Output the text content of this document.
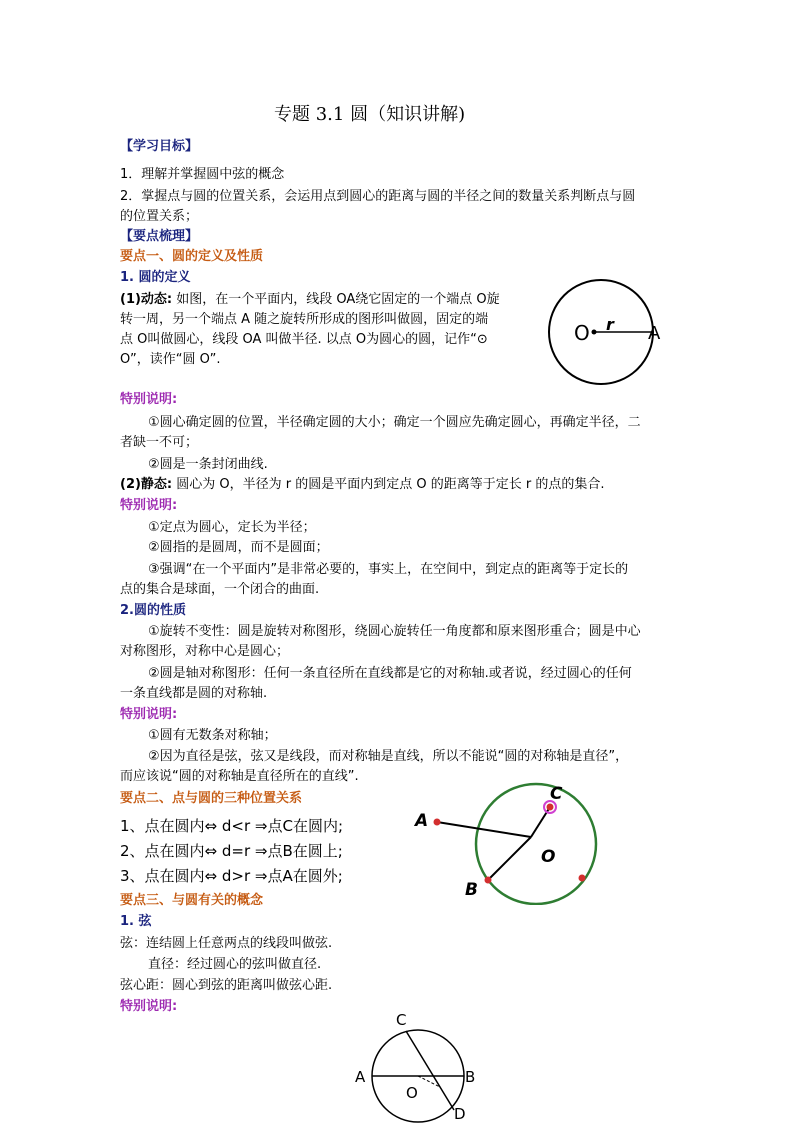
专题 3.1 圆（知识讲解)
【学习目标】
1．理解并掌握圆中弦的概念
2．掌握点与圆的位置关系，会运用点到圆心的距离与圆的半径之间的数量关系判断点与圆
的位置关系；
【要点梳理】
要点一、圆的定义及性质
1. 圆的定义
(1)动态: 如图，在一个平面内，线段 OA绕它固定的一个端点 O旋
转一周，另一个端点 A 随之旋转所形成的图形叫做圆，固定的端
点 O叫做圆心，线段 OA 叫做半径. 以点 O为圆心的圆，记作“⊙
O”，读作“圆 O”.
O r A
特别说明:
①圆心确定圆的位置，半径确定圆的大小；确定一个圆应先确定圆心，再确定半径，二
者缺一不可；
②圆是一条封闭曲线.
(2)静态: 圆心为 O，半径为 r 的圆是平面内到定点 O 的距离等于定长 r 的点的集合.
特别说明:
①定点为圆心，定长为半径；
②圆指的是圆周，而不是圆面；
③强调“在一个平面内”是非常必要的，事实上，在空间中，到定点的距离等于定长的
点的集合是球面，一个闭合的曲面.
2.圆的性质
①旋转不变性：圆是旋转对称图形，绕圆心旋转任一角度都和原来图形重合；圆是中心
对称图形，对称中心是圆心；
②圆是轴对称图形：任何一条直径所在直线都是它的对称轴.或者说，经过圆心的任何
一条直线都是圆的对称轴.
特别说明:
①圆有无数条对称轴；
②因为直径是弦，弦又是线段，而对称轴是直线，所以不能说“圆的对称轴是直径”，
而应该说“圆的对称轴是直径所在的直线”.
要点二、点与圆的三种位置关系
1、点在圆内⇔ d<r ⇒点C在圆内;
2、点在圆内⇔ d=r ⇒点B在圆上;
3、点在圆内⇔ d>r ⇒点A在圆外;
A
C
O
B
要点三、与圆有关的概念
1. 弦
弦：连结圆上任意两点的线段叫做弦.
直径：经过圆心的弦叫做直径.
弦心距：圆心到弦的距离叫做弦心距.
特别说明:
C
A	B
O
D
